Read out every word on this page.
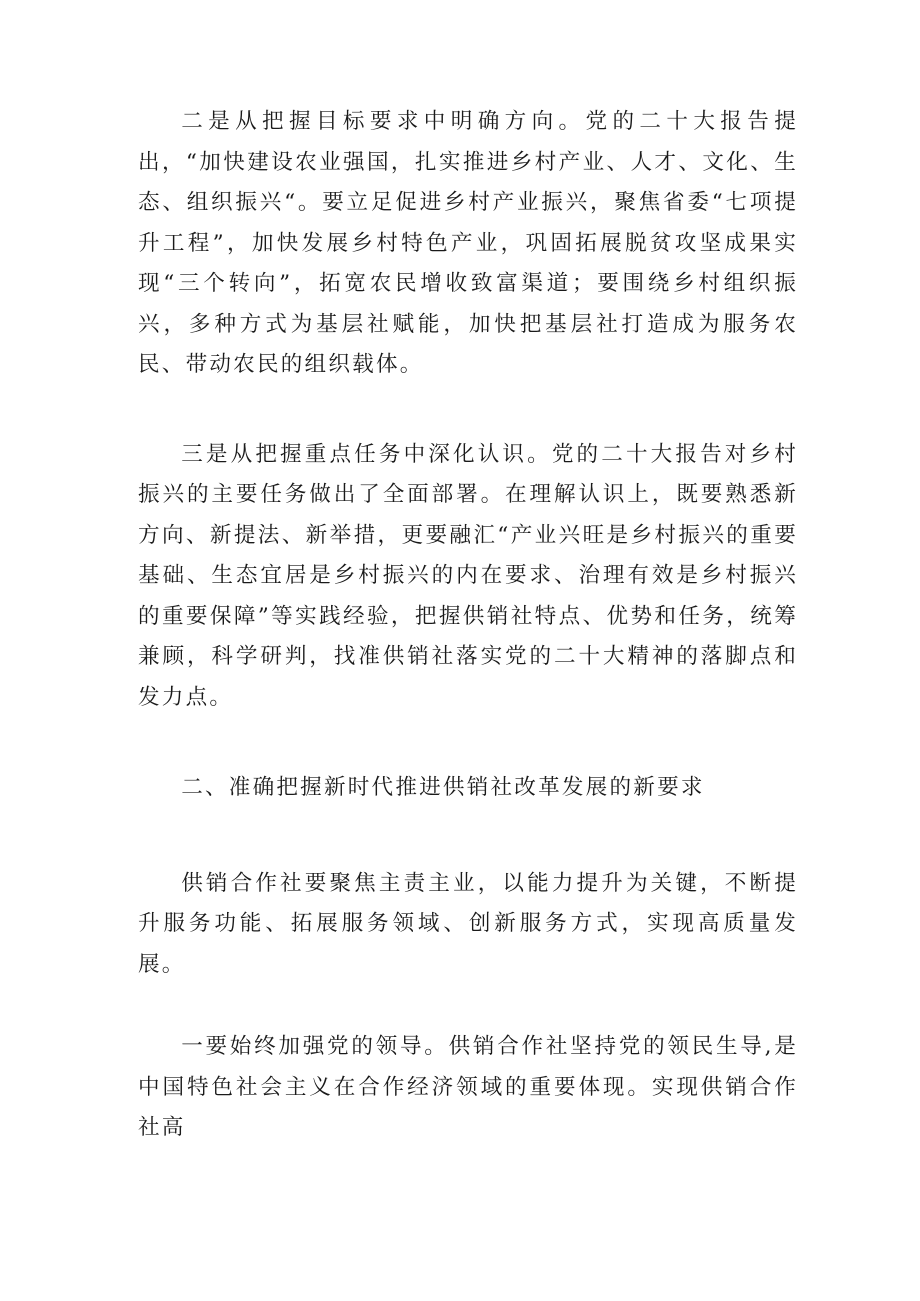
二是从把握目标要求中明确方向。党的二十大报告提出，“加快建设农业强国，扎实推进乡村产业、人才、文化、生态、组织振兴“。要立足促进乡村产业振兴，聚焦省委“七项提升工程”，加快发展乡村特色产业，巩固拓展脱贫攻坚成果实现“三个转向”，拓宽农民增收致富渠道；要围绕乡村组织振兴，多种方式为基层社赋能，加快把基层社打造成为服务农民、带动农民的组织载体。

三是从把握重点任务中深化认识。党的二十大报告对乡村振兴的主要任务做出了全面部署。在理解认识上，既要熟悉新方向、新提法、新举措，更要融汇“产业兴旺是乡村振兴的重要基础、生态宜居是乡村振兴的内在要求、治理有效是乡村振兴的重要保障”等实践经验，把握供销社特点、优势和任务，统筹兼顾，科学研判，找准供销社落实党的二十大精神的落脚点和发力点。

二、准确把握新时代推进供销社改革发展的新要求

供销合作社要聚焦主责主业，以能力提升为关键，不断提升服务功能、拓展服务领域、创新服务方式，实现高质量发展。

一要始终加强党的领导。供销合作社坚持党的领民生导,是中国特色社会主义在合作经济领域的重要体现。实现供销合作社高
